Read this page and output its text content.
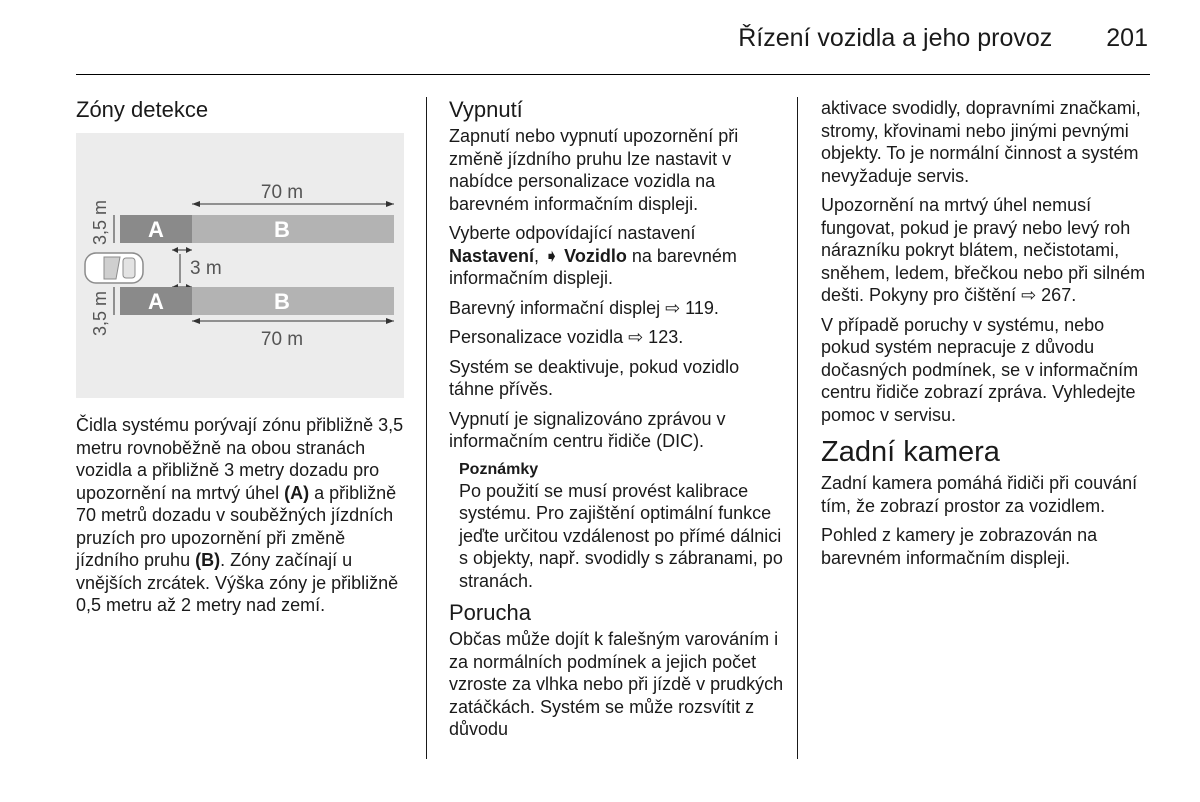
Řízení vozidla a jeho provoz 201
Zóny detekce
70 m
A	B
3,5 m
3 m
A	B
3,5 m
70 m

Čidla systému porývají zónu přibližně 3,5 metru rovnoběžně na obou stranách vozidla a přibližně 3 metry dozadu pro upozornění na mrtvý úhel (A) a přibližně 70 metrů dozadu v souběžných jízdních pruzích pro upozornění při změně jízdního pruhu (B). Zóny začínají u vnějších zrcátek. Výška zóny je přibližně 0,5 metru až 2 metry nad zemí.

Vypnutí

Zapnutí nebo vypnutí upozornění při změně jízdního pruhu lze nastavit v nabídce personalizace vozidla na barevném informačním displeji.

Vyberte odpovídající nastavení Nastavení, ➧ Vozidlo na barevném informačním displeji.

Barevný informační displej ⇨ 119.

Personalizace vozidla ⇨ 123.

Systém se deaktivuje, pokud vozidlo táhne přívěs.

Vypnutí je signalizováno zprávou v informačním centru řidiče (DIC).

Poznámky

Po použití se musí provést kalibrace systému. Pro zajištění optimální funkce jeďte určitou vzdálenost po přímé dálnici s objekty, např. svodidly s zábranami, po stranách.

Porucha

Občas může dojít k falešným varováním i za normálních podmínek a jejich počet vzroste za vlhka nebo při jízdě v prudkých zatáčkách. Systém se může rozsvítit z důvodu

aktivace svodidly, dopravními značkami, stromy, křovinami nebo jinými pevnými objekty. To je normální činnost a systém nevyžaduje servis.

Upozornění na mrtvý úhel nemusí fungovat, pokud je pravý nebo levý roh nárazníku pokryt blátem, nečistotami, sněhem, ledem, břečkou nebo při silném dešti. Pokyny pro čištění ⇨ 267.

V případě poruchy v systému, nebo pokud systém nepracuje z důvodu dočasných podmínek, se v informačním centru řidiče zobrazí zpráva. Vyhledejte pomoc v servisu.

Zadní kamera

Zadní kamera pomáhá řidiči při couvání tím, že zobrazí prostor za vozidlem.

Pohled z kamery je zobrazován na barevném informačním displeji.
